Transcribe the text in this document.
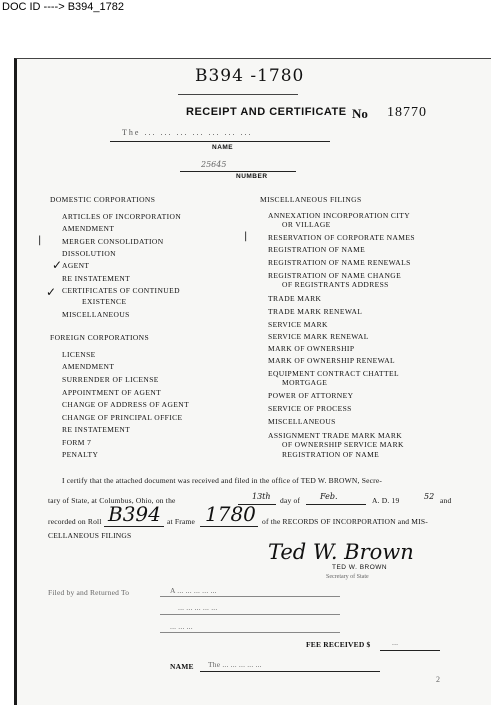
DOC ID ----> B394_1782
B394 -1780
RECEIPT AND CERTIFICATE No 18770
The ... ... ... ... ... ... ...
NAME
25645
NUMBER
DOMESTIC CORPORATIONS
ARTICLES OF INCORPORATION
AMENDMENT
MERGER CONSOLIDATION
DISSOLUTION
AGENT
RE INSTATEMENT
CERTIFICATES OF CONTINUED
EXISTENCE
MISCELLANEOUS
|
✓
✓
FOREIGN CORPORATIONS
LICENSE
AMENDMENT
SURRENDER OF LICENSE
APPOINTMENT OF AGENT
CHANGE OF ADDRESS OF AGENT
CHANGE OF PRINCIPAL OFFICE
RE INSTATEMENT
FORM 7
PENALTY
MISCELLANEOUS FILINGS
ANNEXATION INCORPORATION CITY
OR VILLAGE
RESERVATION OF CORPORATE NAMES
REGISTRATION OF NAME
REGISTRATION OF NAME RENEWALS
REGISTRATION OF NAME CHANGE
OF REGISTRANTS ADDRESS
TRADE MARK
TRADE MARK RENEWAL
SERVICE MARK
SERVICE MARK RENEWAL
MARK OF OWNERSHIP
MARK OF OWNERSHIP RENEWAL
EQUIPMENT CONTRACT CHATTEL
MORTGAGE
POWER OF ATTORNEY
SERVICE OF PROCESS
MISCELLANEOUS
ASSIGNMENT TRADE MARK MARK
OF OWNERSHIP SERVICE MARK
REGISTRATION OF NAME
|
I certify that the attached document was received and filed in the office of TED W. BROWN, Secre-
tary of State, at Columbus, Ohio, on the	13th day of Feb.	A. D. 19	52 and
recorded on Roll B394 at Frame 1780 of the RECORDS OF INCORPORATION and MIS-
CELLANEOUS FILINGS
Ted W. Brown
TED W. BROWN
Secretary of State
Filed by and Returned To	A ... ... ... ... ...
... ... ... ... ...
... ... ...
FEE RECEIVED $	...
NAME The ... ... ... ... ...
2
